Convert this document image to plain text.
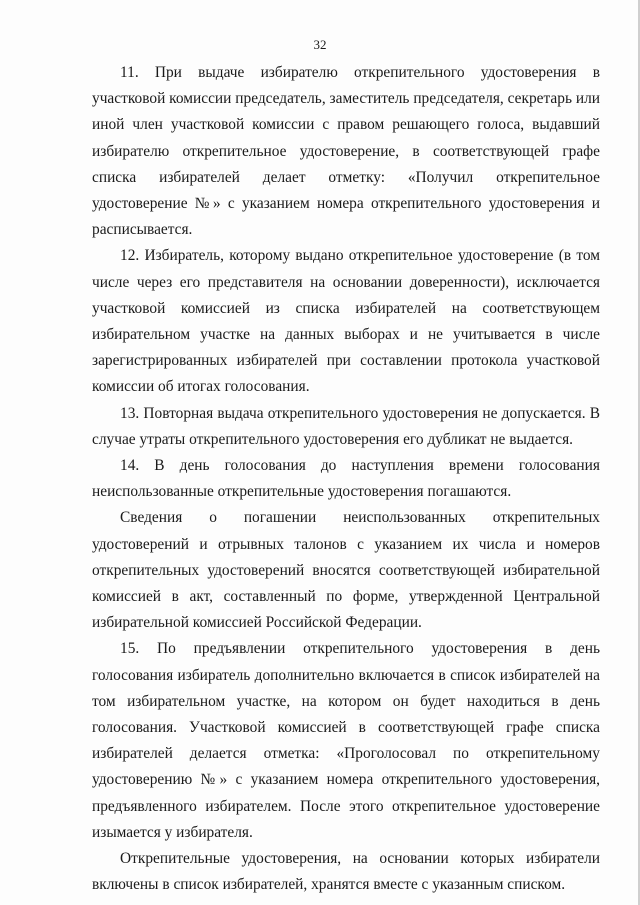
32

11. При выдаче избирателю открепительного удостоверения в участковой комиссии председатель, заместитель председателя, секретарь или иной член участковой комиссии с правом решающего голоса, выдавший избирателю открепительное удостоверение, в соответствующей графе списка избирателей делает отметку: «Получил открепительное удостоверение №» с указанием номера открепительного удостоверения и расписывается.

12. Избиратель, которому выдано открепительное удостоверение (в том числе через его представителя на основании доверенности), исключается участковой комиссией из списка избирателей на соответствующем избирательном участке на данных выборах и не учитывается в числе зарегистрированных избирателей при составлении протокола участковой комиссии об итогах голосования.

13. Повторная выдача открепительного удостоверения не допускается. В случае утраты открепительного удостоверения его дубликат не выдается.

14. В день голосования до наступления времени голосования неиспользованные открепительные удостоверения погашаются.

Сведения о погашении неиспользованных открепительных удостоверений и отрывных талонов с указанием их числа и номеров открепительных удостоверений вносятся соответствующей избирательной комиссией в акт, составленный по форме, утвержденной Центральной избирательной комиссией Российской Федерации.

15. По предъявлении открепительного удостоверения в день голосования избиратель дополнительно включается в список избирателей на том избирательном участке, на котором он будет находиться в день голосования. Участковой комиссией в соответствующей графе списка избирателей делается отметка: «Проголосовал по открепительному удостоверению №» с указанием номера открепительного удостоверения, предъявленного избирателем. После этого открепительное удостоверение изымается у избирателя.

Открепительные удостоверения, на основании которых избиратели включены в список избирателей, хранятся вместе с указанным списком.
